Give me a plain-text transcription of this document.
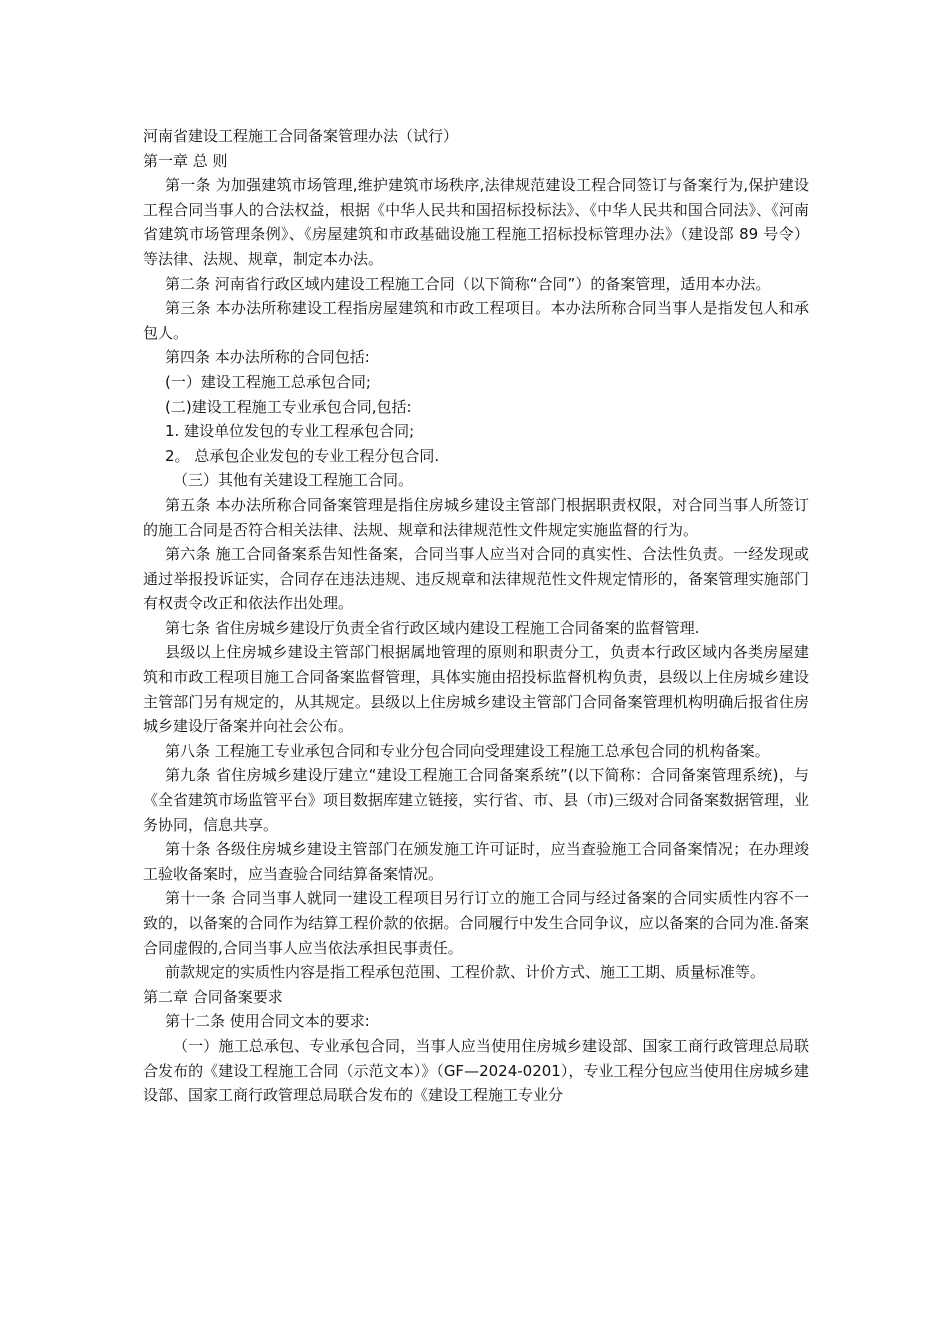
河南省建设工程施工合同备案管理办法（试行）

第一章 总 则

第一条 为加强建筑市场管理,维护建筑市场秩序,法律规范建设工程合同签订与备案行为,保护建设工程合同当事人的合法权益，根据《中华人民共和国招标投标法》、《中华人民共和国合同法》、《河南省建筑市场管理条例》、《房屋建筑和市政基础设施工程施工招标投标管理办法》（建设部 89 号令）等法律、法规、规章，制定本办法。

第二条 河南省行政区域内建设工程施工合同（以下简称“合同”）的备案管理，适用本办法。

第三条 本办法所称建设工程指房屋建筑和市政工程项目。本办法所称合同当事人是指发包人和承包人。

第四条 本办法所称的合同包括:

(一）建设工程施工总承包合同;

(二)建设工程施工专业承包合同,包括:

1. 建设单位发包的专业工程承包合同;

2。 总承包企业发包的专业工程分包合同.

（三）其他有关建设工程施工合同。

第五条 本办法所称合同备案管理是指住房城乡建设主管部门根据职责权限，对合同当事人所签订的施工合同是否符合相关法律、法规、规章和法律规范性文件规定实施监督的行为。

第六条 施工合同备案系告知性备案，合同当事人应当对合同的真实性、合法性负责。一经发现或通过举报投诉证实，合同存在违法违规、违反规章和法律规范性文件规定情形的，备案管理实施部门有权责令改正和依法作出处理。

第七条 省住房城乡建设厅负责全省行政区域内建设工程施工合同备案的监督管理.

县级以上住房城乡建设主管部门根据属地管理的原则和职责分工，负责本行政区域内各类房屋建筑和市政工程项目施工合同备案监督管理，具体实施由招投标监督机构负责，县级以上住房城乡建设主管部门另有规定的，从其规定。县级以上住房城乡建设主管部门合同备案管理机构明确后报省住房城乡建设厅备案并向社会公布。

第八条 工程施工专业承包合同和专业分包合同向受理建设工程施工总承包合同的机构备案。

第九条 省住房城乡建设厅建立“建设工程施工合同备案系统”(以下简称：合同备案管理系统)，与《全省建筑市场监管平台》项目数据库建立链接，实行省、市、县（市)三级对合同备案数据管理，业务协同，信息共享。

第十条 各级住房城乡建设主管部门在颁发施工许可证时，应当查验施工合同备案情况；在办理竣工验收备案时，应当查验合同结算备案情况。

第十一条 合同当事人就同一建设工程项目另行订立的施工合同与经过备案的合同实质性内容不一致的，以备案的合同作为结算工程价款的依据。合同履行中发生合同争议，应以备案的合同为准.备案合同虚假的,合同当事人应当依法承担民事责任。

前款规定的实质性内容是指工程承包范围、工程价款、计价方式、施工工期、质量标准等。

第二章 合同备案要求

第十二条 使用合同文本的要求:

（一）施工总承包、专业承包合同，当事人应当使用住房城乡建设部、国家工商行政管理总局联合发布的《建设工程施工合同（示范文本）》（GF—2024-0201），专业工程分包应当使用住房城乡建设部、国家工商行政管理总局联合发布的《建设工程施工专业分
